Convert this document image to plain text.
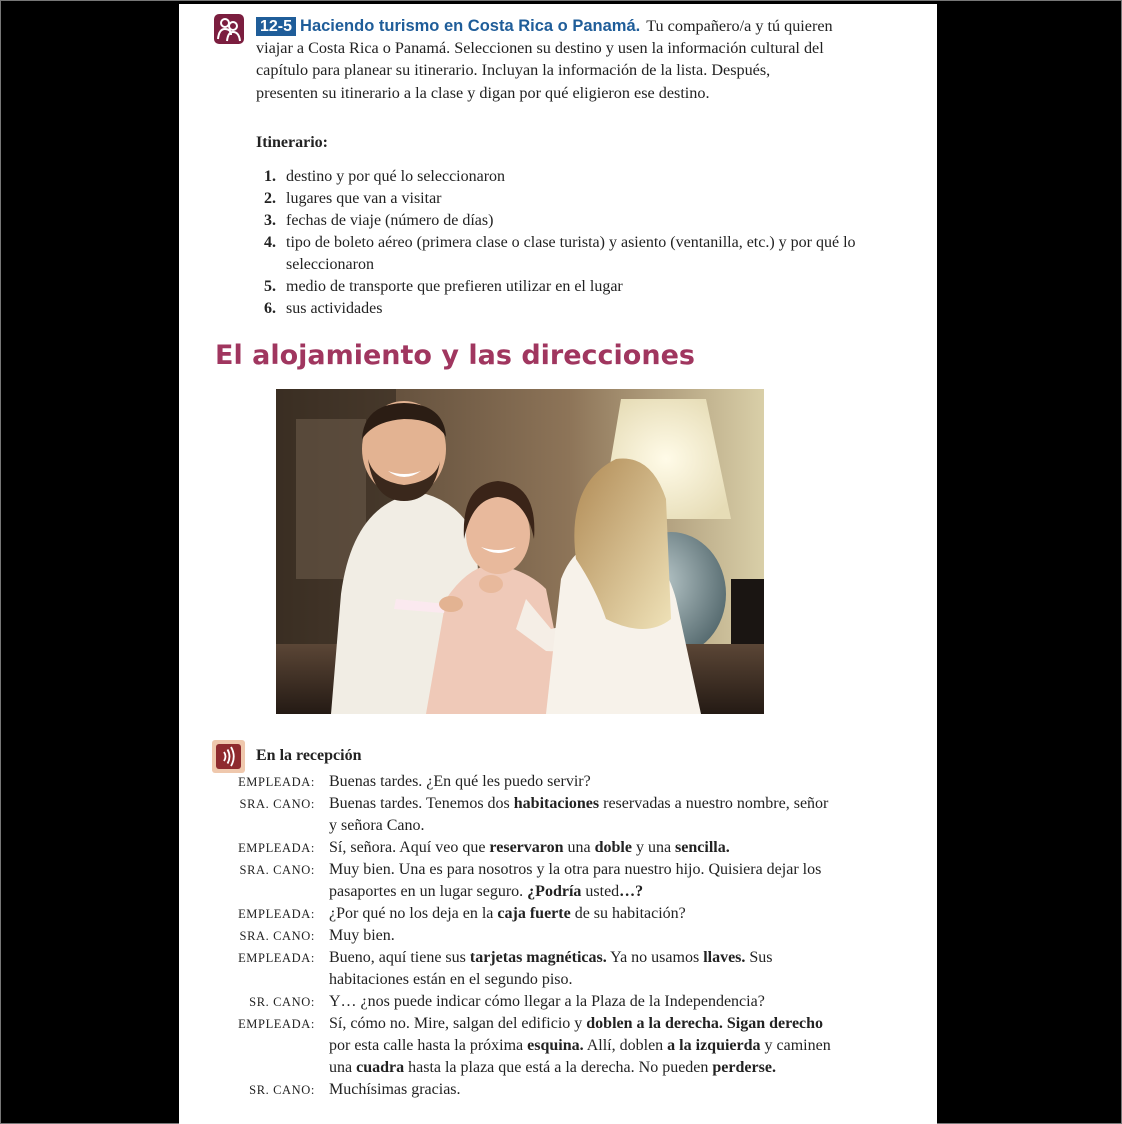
12-5 Haciendo turismo en Costa Rica o Panamá. Tu compañero/a y tú quieren viajar a Costa Rica o Panamá. Seleccionen su destino y usen la información cultural del capítulo para planear su itinerario. Incluyan la información de la lista. Después, presenten su itinerario a la clase y digan por qué eligieron ese destino.
Itinerario:
1. destino y por qué lo seleccionaron
2. lugares que van a visitar
3. fechas de viaje (número de días)
4. tipo de boleto aéreo (primera clase o clase turista) y asiento (ventanilla, etc.) y por qué lo seleccionaron
5. medio de transporte que prefieren utilizar en el lugar
6. sus actividades
El alojamiento y las direcciones
En la recepción
EMPLEADA: Buenas tardes. ¿En qué les puedo servir?
SRA. CANO: Buenas tardes. Tenemos dos habitaciones reservadas a nuestro nombre, señor y señora Cano.
EMPLEADA: Sí, señora. Aquí veo que reservaron una doble y una sencilla.
SRA. CANO: Muy bien. Una es para nosotros y la otra para nuestro hijo. Quisiera dejar los pasaportes en un lugar seguro. ¿Podría usted…?
EMPLEADA: ¿Por qué no los deja en la caja fuerte de su habitación?
SRA. CANO: Muy bien.
EMPLEADA: Bueno, aquí tiene sus tarjetas magnéticas. Ya no usamos llaves. Sus habitaciones están en el segundo piso.
SR. CANO: Y… ¿nos puede indicar cómo llegar a la Plaza de la Independencia?
EMPLEADA: Sí, cómo no. Mire, salgan del edificio y doblen a la derecha. Sigan derecho por esta calle hasta la próxima esquina. Allí, doblen a la izquierda y caminen una cuadra hasta la plaza que está a la derecha. No pueden perderse.
SR. CANO: Muchísimas gracias.
